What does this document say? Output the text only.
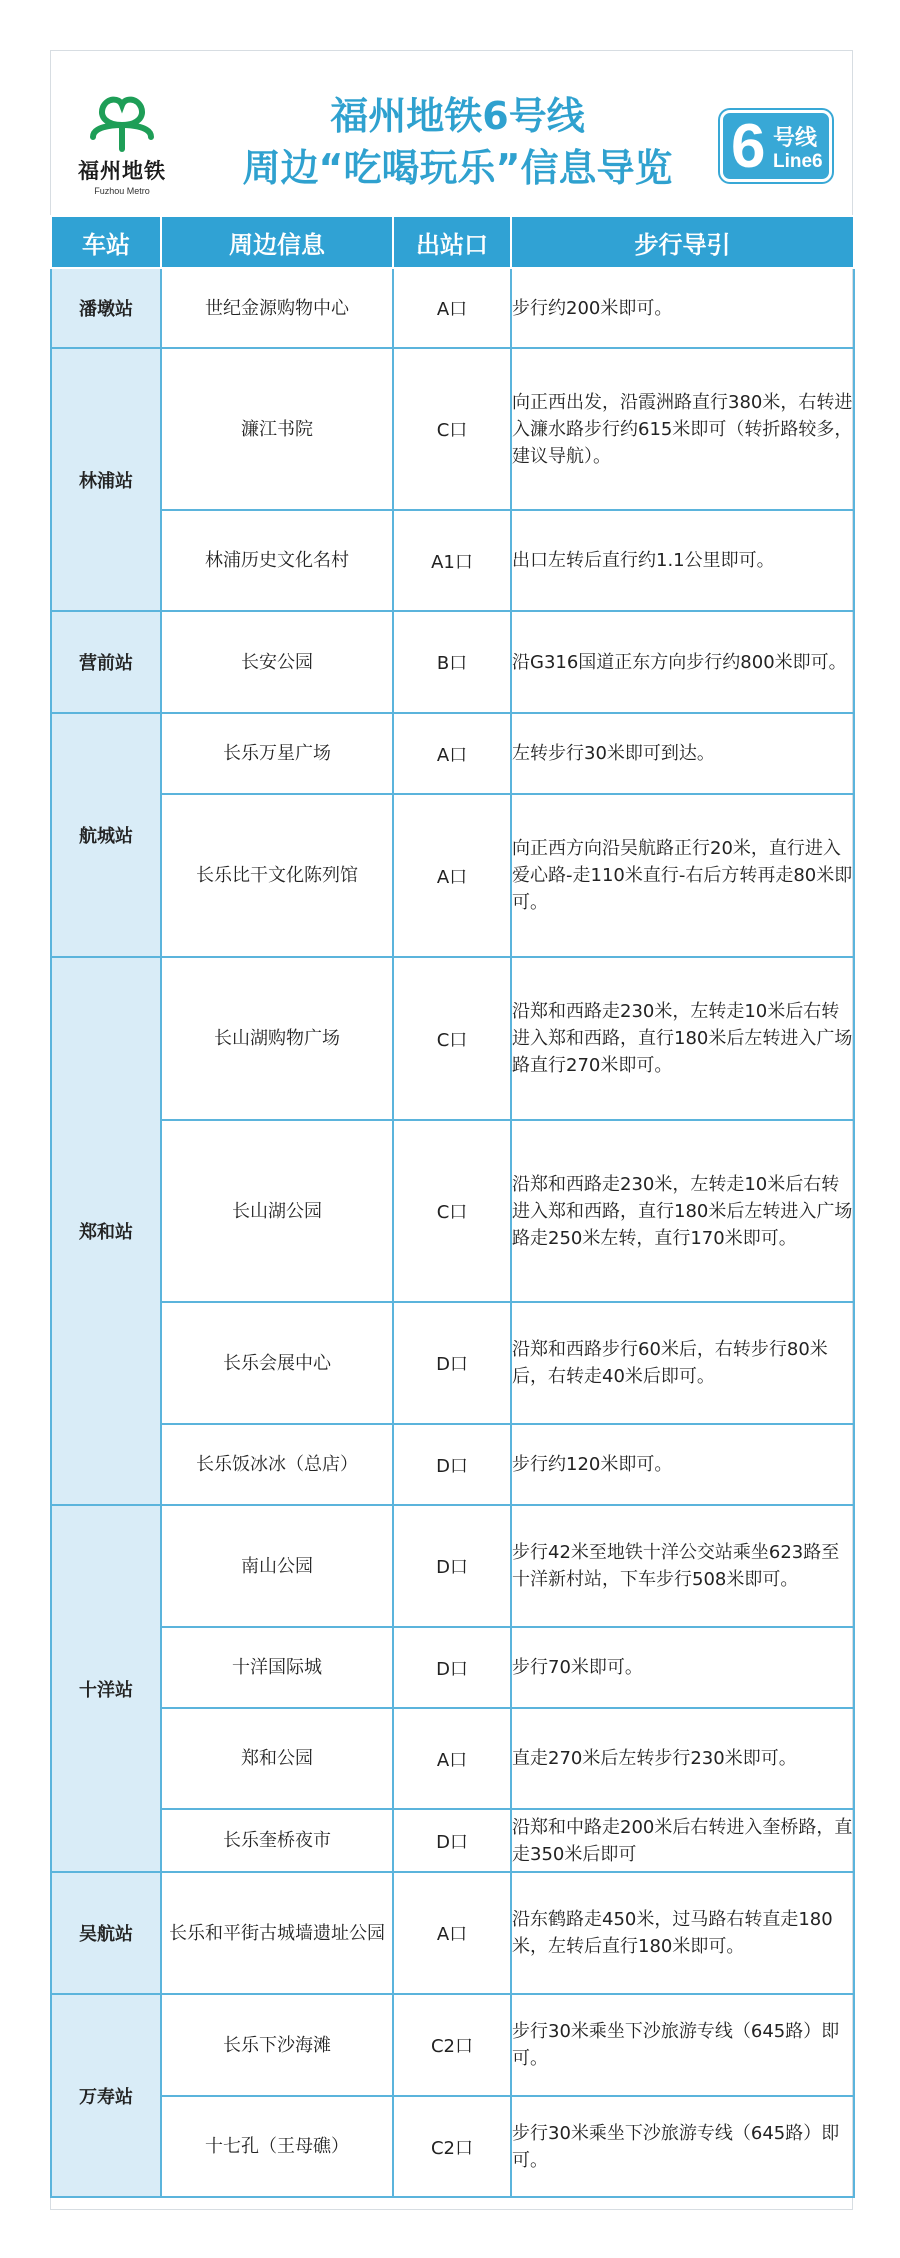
福州地铁
Fuzhou Metro
福州地铁6号线
周边“吃喝玩乐”信息导览 6 号线
Line6
车站	周边信息	出站口	步行导引
潘墩站	世纪金源购物中心	A口	步行约200米即可。
林浦站	濂江书院	C口	向正西出发，沿霞洲路直行380米，右转进入濂水路步行约615米即可（转折路较多，建议导航）。
	林浦历史文化名村	A1口	出口左转后直行约1.1公里即可。
营前站	长安公园	B口	沿G316国道正东方向步行约800米即可。
航城站	长乐万星广场	A口	左转步行30米即可到达。
	长乐比干文化陈列馆	A口	向正西方向沿吴航路正行20米，直行进入爱心路-走110米直行-右后方转再走80米即可。
郑和站	长山湖购物广场	C口	沿郑和西路走230米，左转走10米后右转进入郑和西路，直行180米后左转进入广场路直行270米即可。
	长山湖公园	C口	沿郑和西路走230米，左转走10米后右转进入郑和西路，直行180米后左转进入广场路走250米左转，直行170米即可。
	长乐会展中心	D口	沿郑和西路步行60米后，右转步行80米后，右转走40米后即可。
	长乐饭冰冰（总店）	D口	步行约120米即可。
十洋站	南山公园	D口	步行42米至地铁十洋公交站乘坐623路至十洋新村站，下车步行508米即可。
	十洋国际城	D口	步行70米即可。
	郑和公园	A口	直走270米后左转步行230米即可。
	长乐奎桥夜市	D口	沿郑和中路走200米后右转进入奎桥路，直走350米后即可
吴航站	长乐和平街古城墙遗址公园	A口	沿东鹤路走450米，过马路右转直走180米，左转后直行180米即可。
万寿站	长乐下沙海滩	C2口	步行30米乘坐下沙旅游专线（645路）即可。
	十七孔（王母礁）	C2口	步行30米乘坐下沙旅游专线（645路）即可。
